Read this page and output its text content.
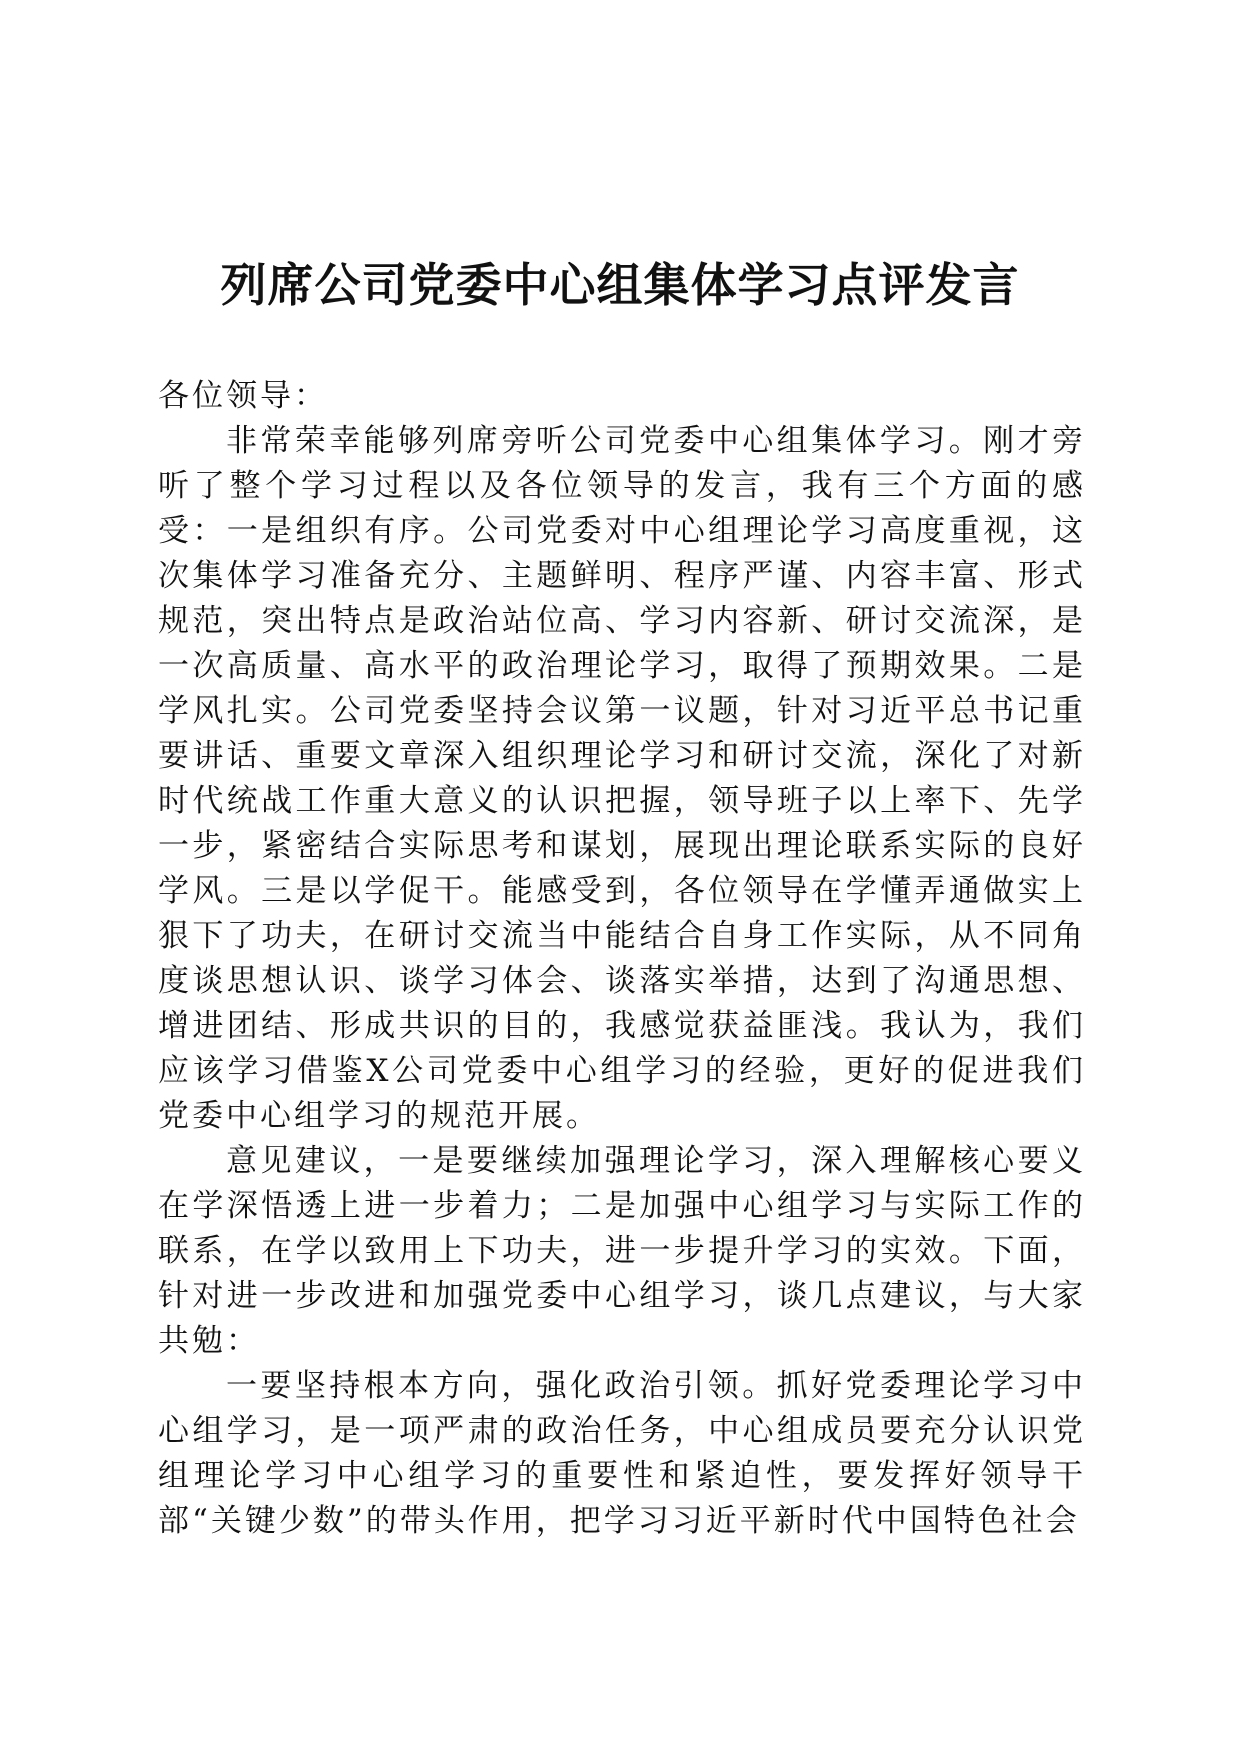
列席公司党委中心组集体学习点评发言

各位领导：

非常荣幸能够列席旁听公司党委中心组集体学习。刚才旁听了整个学习过程以及各位领导的发言，我有三个方面的感受：一是组织有序。公司党委对中心组理论学习高度重视，这次集体学习准备充分、主题鲜明、程序严谨、内容丰富、形式规范，突出特点是政治站位高、学习内容新、研讨交流深，是一次高质量、高水平的政治理论学习，取得了预期效果。二是学风扎实。公司党委坚持会议第一议题，针对习近平总书记重要讲话、重要文章深入组织理论学习和研讨交流，深化了对新时代统战工作重大意义的认识把握，领导班子以上率下、先学一步，紧密结合实际思考和谋划，展现出理论联系实际的良好学风。三是以学促干。能感受到，各位领导在学懂弄通做实上狠下了功夫，在研讨交流当中能结合自身工作实际，从不同角度谈思想认识、谈学习体会、谈落实举措，达到了沟通思想、增进团结、形成共识的目的，我感觉获益匪浅。我认为，我们应该学习借鉴X公司党委中心组学习的经验，更好的促进我们党委中心组学习的规范开展。

意见建议，一是要继续加强理论学习，深入理解核心要义在学深悟透上进一步着力；二是加强中心组学习与实际工作的联系，在学以致用上下功夫，进一步提升学习的实效。下面，针对进一步改进和加强党委中心组学习，谈几点建议，与大家共勉：

一要坚持根本方向，强化政治引领。抓好党委理论学习中心组学习，是一项严肃的政治任务，中心组成员要充分认识党组理论学习中心组学习的重要性和紧迫性，要发挥好领导干部“关键少数”的带头作用，把学习习近平新时代中国特色社会
